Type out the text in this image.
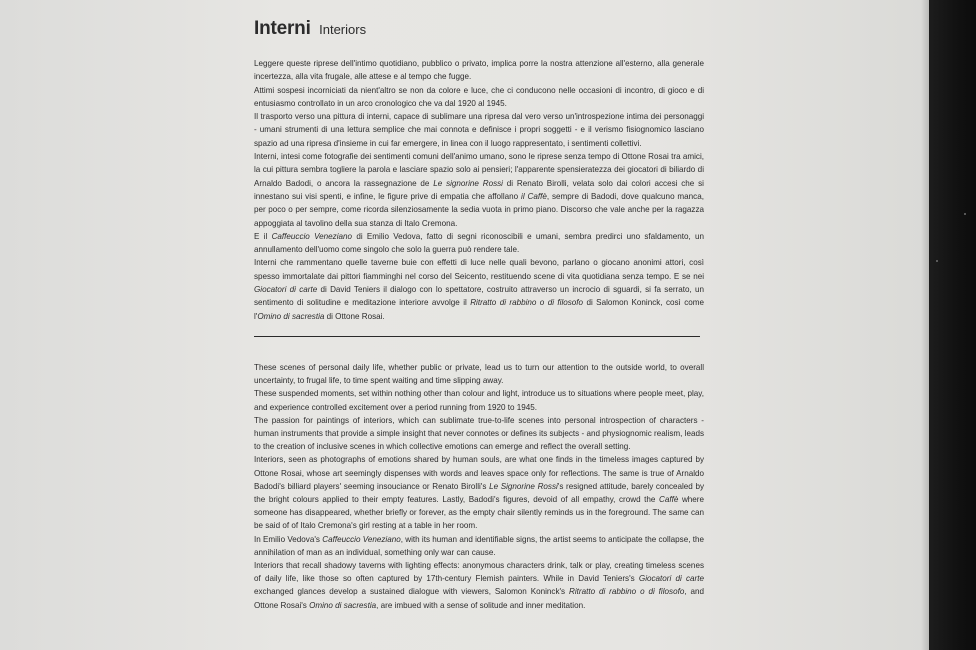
Interni Interiors

Leggere queste riprese dell'intimo quotidiano, pubblico o privato, implica porre la nostra attenzione all'esterno, alla generale incertezza, alla vita frugale, alle attese e al tempo che fugge.

Attimi sospesi incorniciati da nient'altro se non da colore e luce, che ci conducono nelle occasioni di incontro, di gioco e di entusiasmo controllato in un arco cronologico che va dal 1920 al 1945.

Il trasporto verso una pittura di interni, capace di sublimare una ripresa dal vero verso un'introspezione intima dei personaggi - umani strumenti di una lettura semplice che mai connota e definisce i propri soggetti - e il verismo fisiognomico lasciano spazio ad una ripresa d'insieme in cui far emergere, in linea con il luogo rappresentato, i sentimenti collettivi.

Interni, intesi come fotografie dei sentimenti comuni dell'animo umano, sono le riprese senza tempo di Ottone Rosai tra amici, la cui pittura sembra togliere la parola e lasciare spazio solo ai pensieri; l'apparente spensieratezza dei giocatori di biliardo di Arnaldo Badodi, o ancora la rassegnazione de Le signorine Rossi di Renato Birolli, velata solo dai colori accesi che si innestano sui visi spenti, e infine, le figure prive di empatia che affollano il Caffè, sempre di Badodi, dove qualcuno manca, per poco o per sempre, come ricorda silenziosamente la sedia vuota in primo piano. Discorso che vale anche per la ragazza appoggiata al tavolino della sua stanza di Italo Cremona.

E il Caffeuccio Veneziano di Emilio Vedova, fatto di segni riconoscibili e umani, sembra predirci uno sfaldamento, un annullamento dell'uomo come singolo che solo la guerra può rendere tale.

Interni che rammentano quelle taverne buie con effetti di luce nelle quali bevono, parlano o giocano anonimi attori, così spesso immortalate dai pittori fiamminghi nel corso del Seicento, restituendo scene di vita quotidiana senza tempo. E se nei Giocatori di carte di David Teniers il dialogo con lo spettatore, costruito attraverso un incrocio di sguardi, si fa serrato, un sentimento di solitudine e meditazione interiore avvolge il Ritratto di rabbino o di filosofo di Salomon Koninck, così come l'Omino di sacrestia di Ottone Rosai.

These scenes of personal daily life, whether public or private, lead us to turn our attention to the outside world, to overall uncertainty, to frugal life, to time spent waiting and time slipping away.

These suspended moments, set within nothing other than colour and light, introduce us to situations where people meet, play, and experience controlled excitement over a period running from 1920 to 1945.

The passion for paintings of interiors, which can sublimate true-to-life scenes into personal introspection of characters - human instruments that provide a simple insight that never connotes or defines its subjects - and physiognomic realism, leads to the creation of inclusive scenes in which collective emotions can emerge and reflect the overall setting.

Interiors, seen as photographs of emotions shared by human souls, are what one finds in the timeless images captured by Ottone Rosai, whose art seemingly dispenses with words and leaves space only for reflections. The same is true of Arnaldo Badodi's billiard players' seeming insouciance or Renato Birolli's Le Signorine Rossi's resigned attitude, barely concealed by the bright colours applied to their empty features. Lastly, Badodi's figures, devoid of all empathy, crowd the Caffè where someone has disappeared, whether briefly or forever, as the empty chair silently reminds us in the foreground. The same can be said of of Italo Cremona's girl resting at a table in her room.

In Emilio Vedova's Caffeuccio Veneziano, with its human and identifiable signs, the artist seems to anticipate the collapse, the annihilation of man as an individual, something only war can cause.

Interiors that recall shadowy taverns with lighting effects: anonymous characters drink, talk or play, creating timeless scenes of daily life, like those so often captured by 17th-century Flemish painters. While in David Teniers's Giocatori di carte exchanged glances develop a sustained dialogue with viewers, Salomon Koninck's Ritratto di rabbino o di filosofo, and Ottone Rosai's Omino di sacrestia, are imbued with a sense of solitude and inner meditation.
